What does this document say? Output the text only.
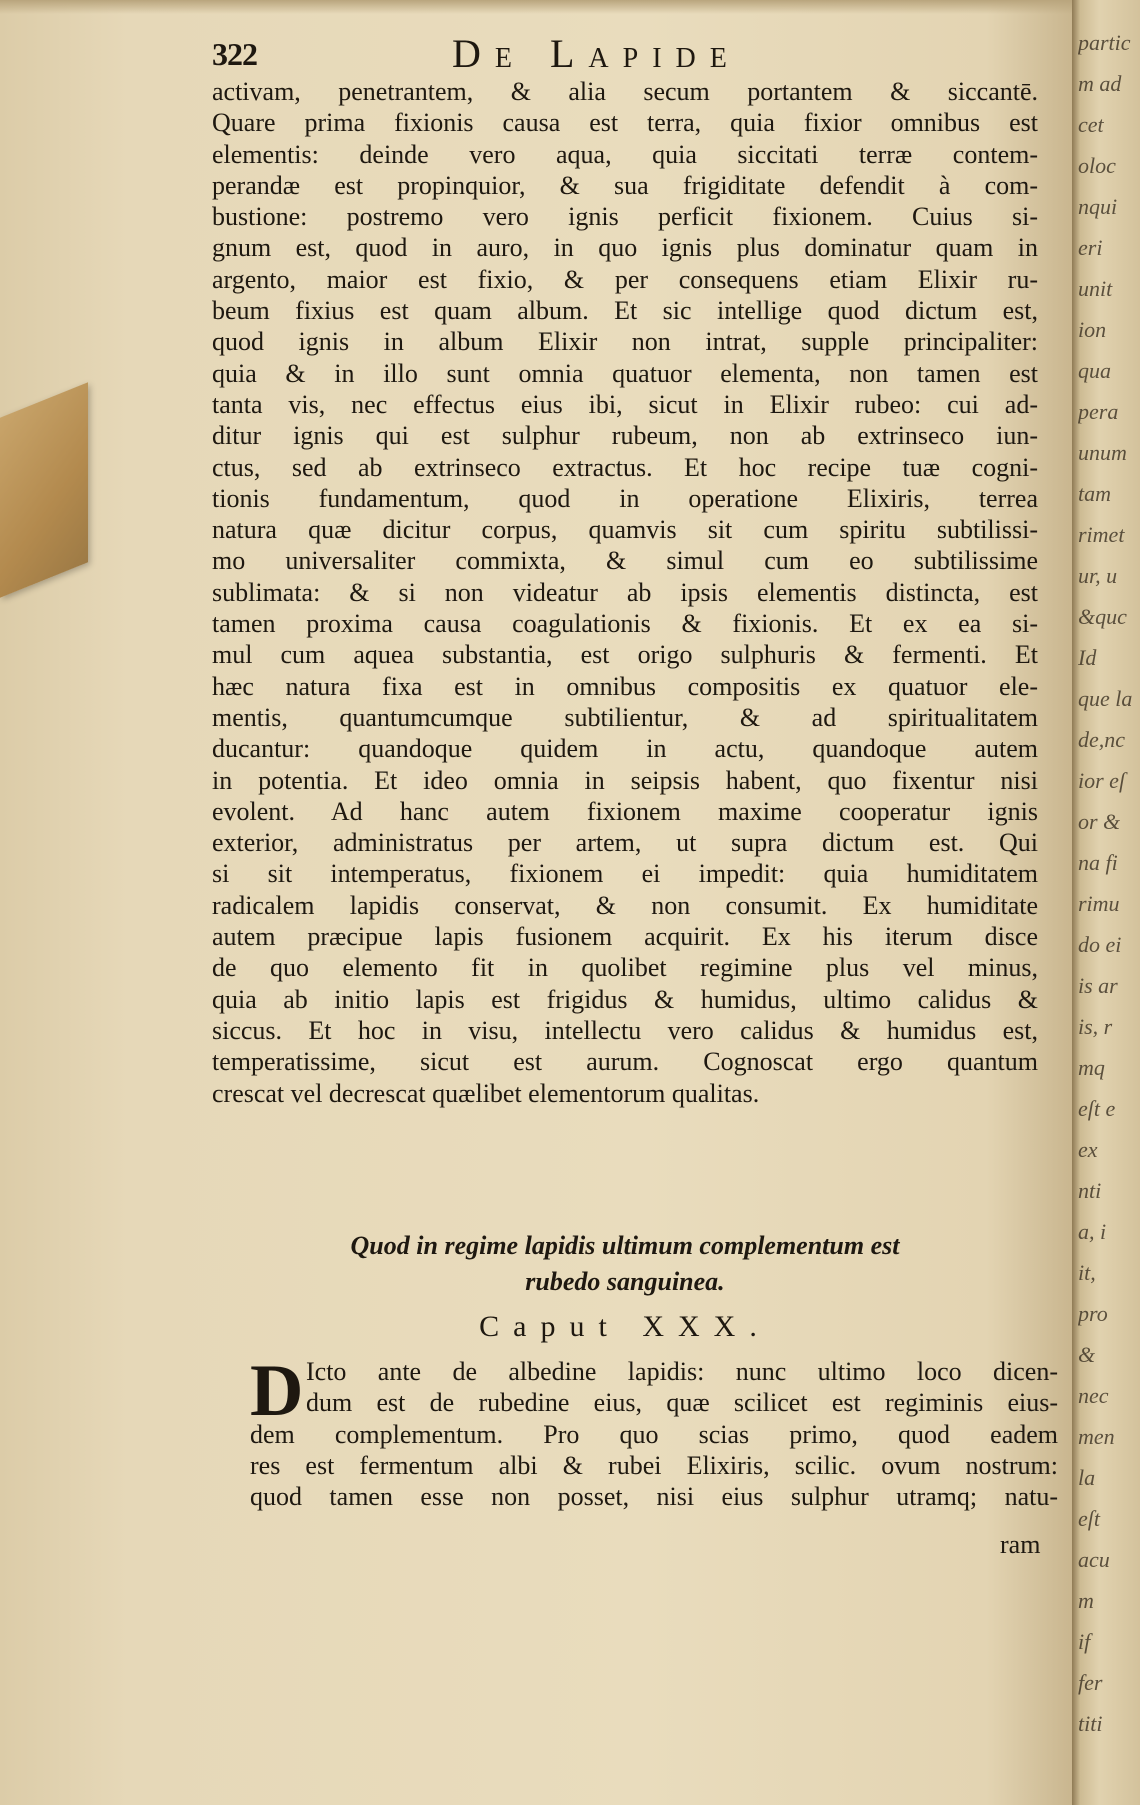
322	De Lapide
activam, penetrantem, & alia secum portantem & siccantē.
Quare prima fixionis causa est terra, quia fixior omnibus est
elementis: deinde vero aqua, quia siccitati terræ contem-
perandæ est propinquior, & sua frigiditate defendit à com-
bustione: postremo vero ignis perficit fixionem. Cuius si-
gnum est, quod in auro, in quo ignis plus dominatur quam in
argento, maior est fixio, & per consequens etiam Elixir ru-
beum fixius est quam album. Et sic intellige quod dictum est,
quod ignis in album Elixir non intrat, supple principaliter:
quia & in illo sunt omnia quatuor elementa, non tamen est
tanta vis, nec effectus eius ibi, sicut in Elixir rubeo: cui ad-
ditur ignis qui est sulphur rubeum, non ab extrinseco iun-
ctus, sed ab extrinseco extractus. Et hoc recipe tuæ cogni-
tionis fundamentum, quod in operatione Elixiris, terrea
natura quæ dicitur corpus, quamvis sit cum spiritu subtilissi-
mo universaliter commixta, & simul cum eo subtilissime
sublimata: & si non videatur ab ipsis elementis distincta, est
tamen proxima causa coagulationis & fixionis. Et ex ea si-
mul cum aquea substantia, est origo sulphuris & fermenti. Et
hæc natura fixa est in omnibus compositis ex quatuor ele-
mentis, quantumcumque subtilientur, & ad spiritualitatem
ducantur: quandoque quidem in actu, quandoque autem
in potentia. Et ideo omnia in seipsis habent, quo fixentur nisi
evolent. Ad hanc autem fixionem maxime cooperatur ignis
exterior, administratus per artem, ut supra dictum est. Qui
si sit intemperatus, fixionem ei impedit: quia humiditatem
radicalem lapidis conservat, & non consumit. Ex humiditate
autem præcipue lapis fusionem acquirit. Ex his iterum disce
de quo elemento fit in quolibet regimine plus vel minus,
quia ab initio lapis est frigidus & humidus, ultimo calidus &
siccus. Et hoc in visu, intellectu vero calidus & humidus est,
temperatissime, sicut est aurum. Cognoscat ergo quantum
crescat vel decrescat quælibet elementorum qualitas.
Quod in regime lapidis ultimum complementum est
rubedo sanguinea.
Caput XXX.
D Icto ante de albedine lapidis: nunc ultimo loco dicen-
dum est de rubedine eius, quæ scilicet est regiminis eius-
dem complementum. Pro quo scias primo, quod eadem
res est fermentum albi & rubei Elixiris, scilic. ovum nostrum:
quod tamen esse non posset, nisi eius sulphur utramq; natu-
ram
partic
m ad
cet
oloc
nqui
eri
unit
ion
qua
pera
unum
tam
rimet
ur, u
&quc
Id
que la
de,nc
ior eſ
or &
na fi
rimu
do ei
is ar
is, r
mq
eſt e
ex
nti
a, i
it,
pro
&
nec
men
la
eſt
acu
m
if
fer
titi
